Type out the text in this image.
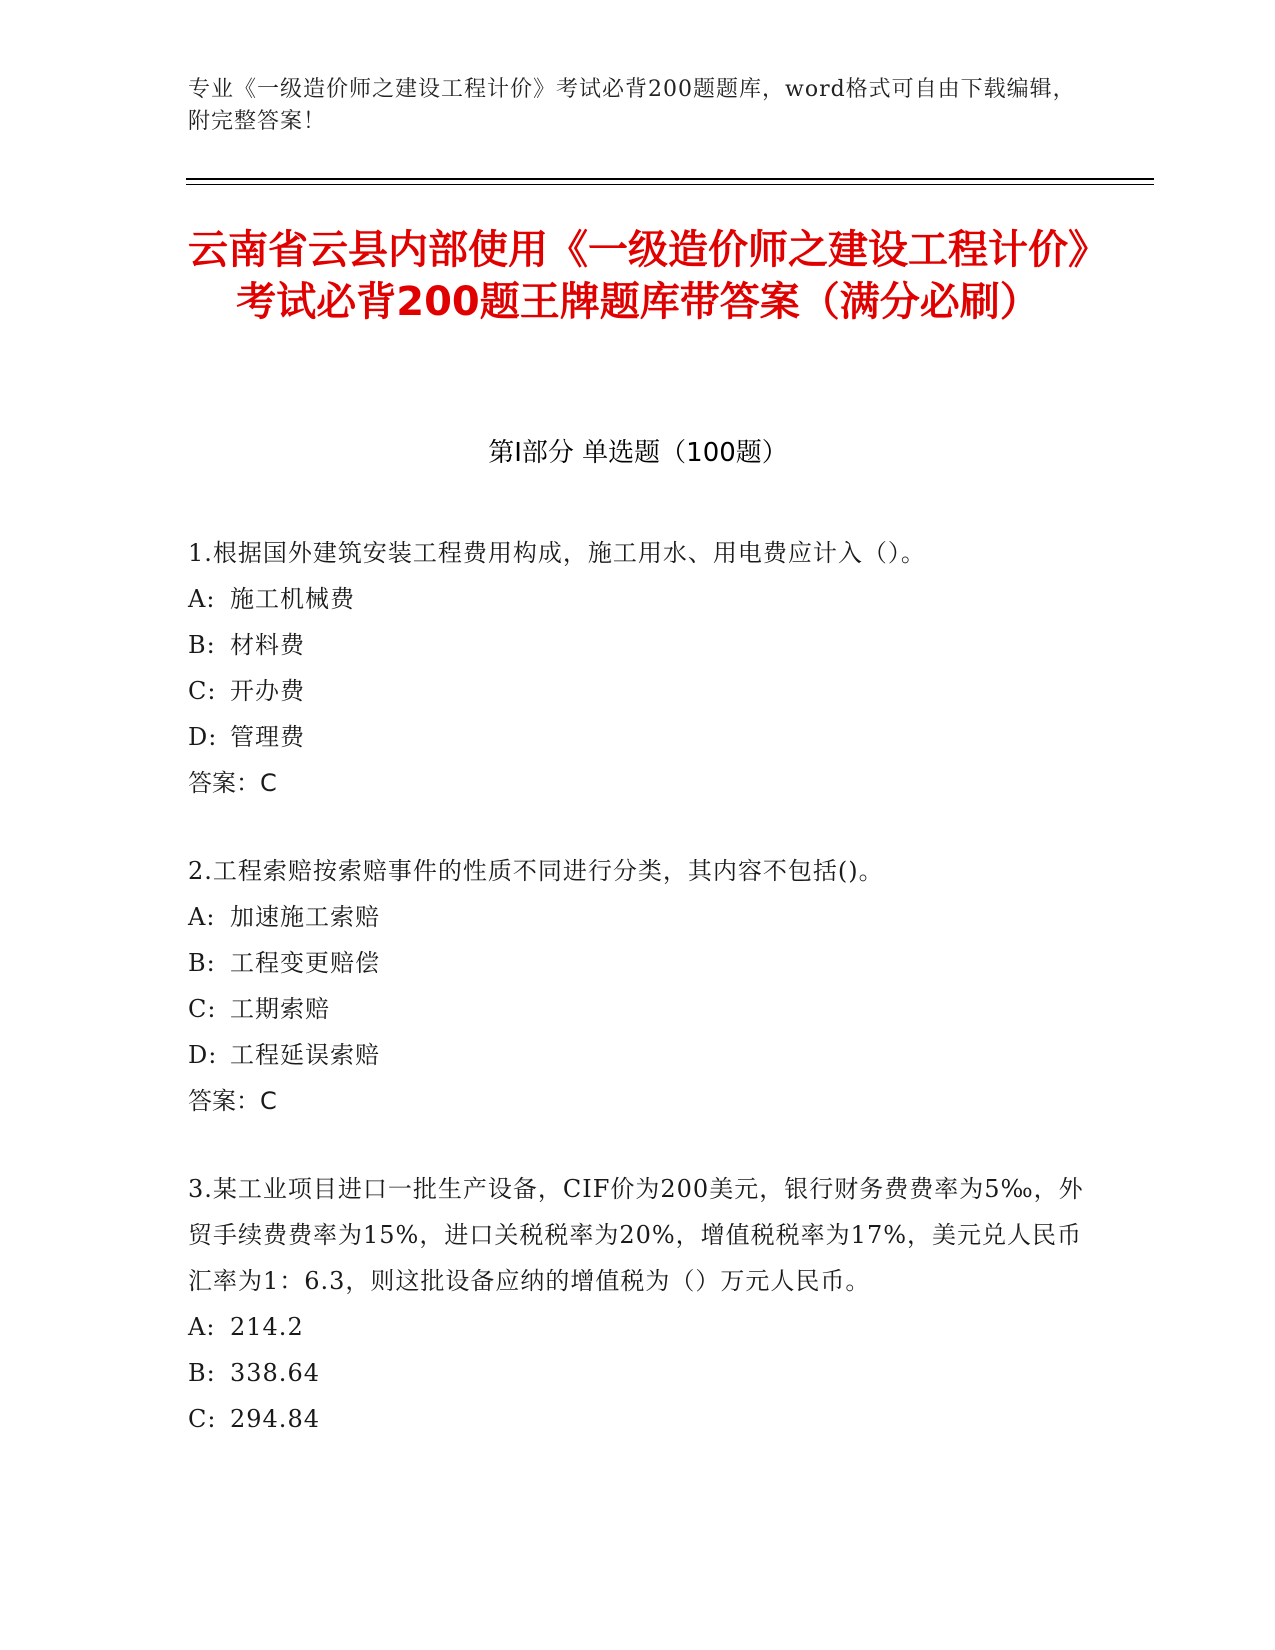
专业《一级造价师之建设工程计价》考试必背200题题库，word格式可自由下载编辑，附完整答案！
云南省云县内部使用《一级造价师之建设工程计价》考试必背200题王牌题库带答案（满分必刷）
第Ⅰ部分 单选题（100题）

1.根据国外建筑安装工程费用构成，施工用水、用电费应计入（）。

A: 施工机械费

B: 材料费

C: 开办费

D: 管理费

答案：C

2.工程索赔按索赔事件的性质不同进行分类，其内容不包括()。

A: 加速施工索赔

B: 工程变更赔偿

C: 工期索赔

D: 工程延误索赔

答案：C

3.某工业项目进口一批生产设备，CIF价为200美元，银行财务费费率为5‰，外贸手续费费率为15%，进口关税税率为20%，增值税税率为17%，美元兑人民币汇率为1：6.3，则这批设备应纳的增值税为（）万元人民币。

A: 214.2

B: 338.64

C: 294.84
